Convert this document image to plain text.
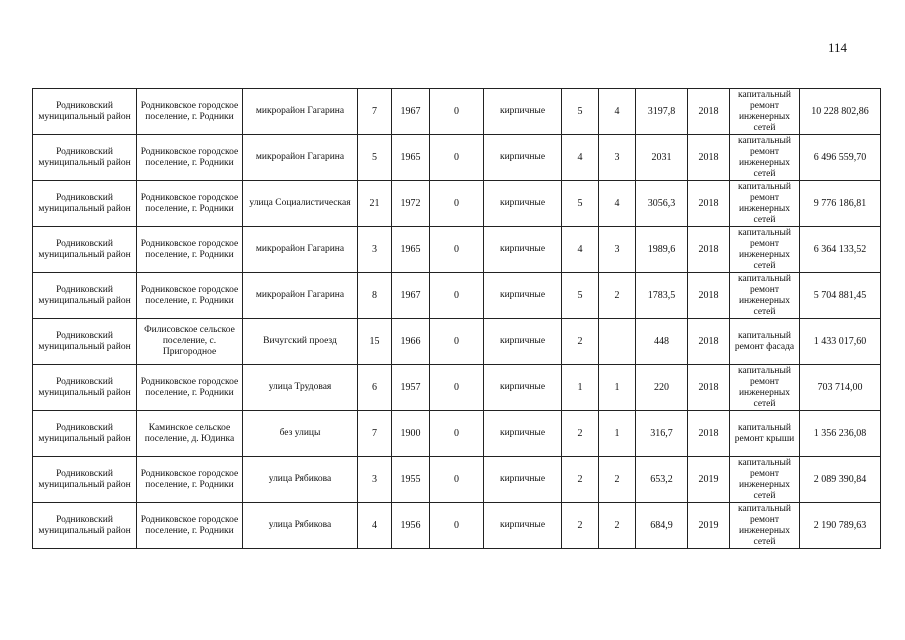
114
Родниковский муниципальный район	Родниковское городское поселение, г. Родники	микрорайон Гагарина	7	1967	0	кирпичные	5	4	3197,8	2018	капитальный ремонт инженерных сетей	10 228 802,86
Родниковский муниципальный район	Родниковское городское поселение, г. Родники	микрорайон Гагарина	5	1965	0	кирпичные	4	3	2031	2018	капитальный ремонт инженерных сетей	6 496 559,70
Родниковский муниципальный район	Родниковское городское поселение, г. Родники	улица Социалистическая	21	1972	0	кирпичные	5	4	3056,3	2018	капитальный ремонт инженерных сетей	9 776 186,81
Родниковский муниципальный район	Родниковское городское поселение, г. Родники	микрорайон Гагарина	3	1965	0	кирпичные	4	3	1989,6	2018	капитальный ремонт инженерных сетей	6 364 133,52
Родниковский муниципальный район	Родниковское городское поселение, г. Родники	микрорайон Гагарина	8	1967	0	кирпичные	5	2	1783,5	2018	капитальный ремонт инженерных сетей	5 704 881,45
Родниковский муниципальный район	Филисовское сельское поселение, с. Пригородное	Вичугский проезд	15	1966	0	кирпичные	2		448	2018	капитальный ремонт фасада	1 433 017,60
Родниковский муниципальный район	Родниковское городское поселение, г. Родники	улица Трудовая	6	1957	0	кирпичные	1	1	220	2018	капитальный ремонт инженерных сетей	703 714,00
Родниковский муниципальный район	Каминское сельское поселение, д. Юдинка	без улицы	7	1900	0	кирпичные	2	1	316,7	2018	капитальный ремонт крыши	1 356 236,08
Родниковский муниципальный район	Родниковское городское поселение, г. Родники	улица Рябикова	3	1955	0	кирпичные	2	2	653,2	2019	капитальный ремонт инженерных сетей	2 089 390,84
Родниковский муниципальный район	Родниковское городское поселение, г. Родники	улица Рябикова	4	1956	0	кирпичные	2	2	684,9	2019	капитальный ремонт инженерных сетей	2 190 789,63
